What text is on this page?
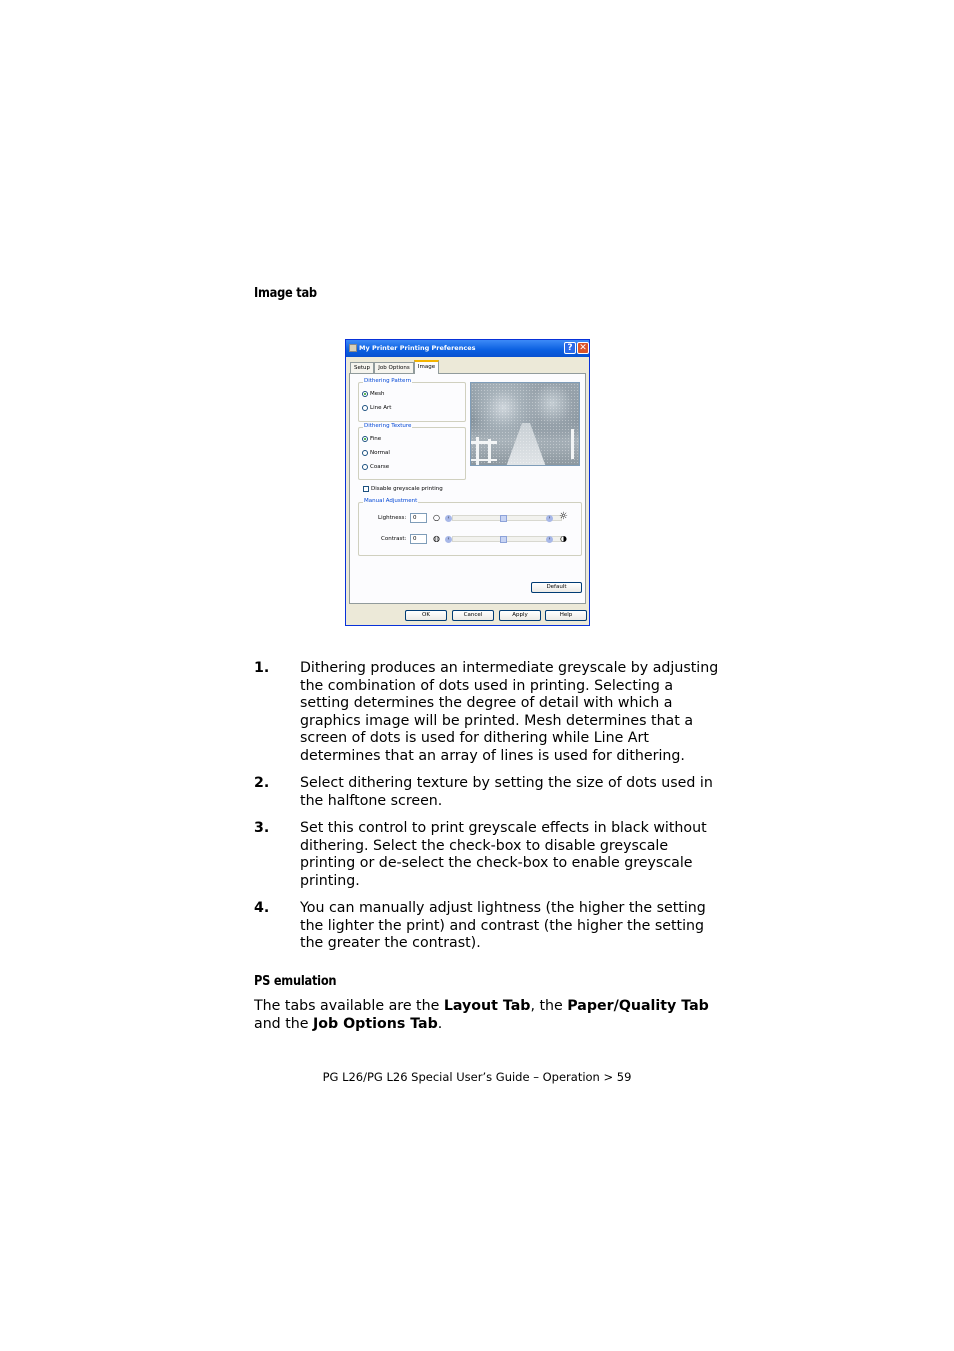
Image tab
My Printer Printing Preferences	? ✕
Setup	Job Options
Dithering Pattern
Mesh
Line Art
Dithering Texture
Fine
Normal
Coarse
Disable greyscale printing
Manual Adjustment
Lightness:	0	○	‹	› ☼
Contrast:	0	◍	‹	›	◑
Default
OK	Cancel	Apply	Help
Image
1. Dithering produces an intermediate greyscale by adjusting the combination of dots used in printing. Selecting a setting determines the degree of detail with which a graphics image will be printed. Mesh determines that a screen of dots is used for dithering while Line Art determines that an array of lines is used for dithering.
2. Select dithering texture by setting the size of dots used in the halftone screen.
3. Set this control to print greyscale effects in black without dithering. Select the check-box to disable greyscale printing or de-select the check-box to enable greyscale printing.
4. You can manually adjust lightness (the higher the setting the lighter the print) and contrast (the higher the setting the greater the contrast).
PS emulation
The tabs available are the Layout Tab, the Paper/Quality Tab and the Job Options Tab.
PG L26/PG L26 Special User’s Guide – Operation > 59
